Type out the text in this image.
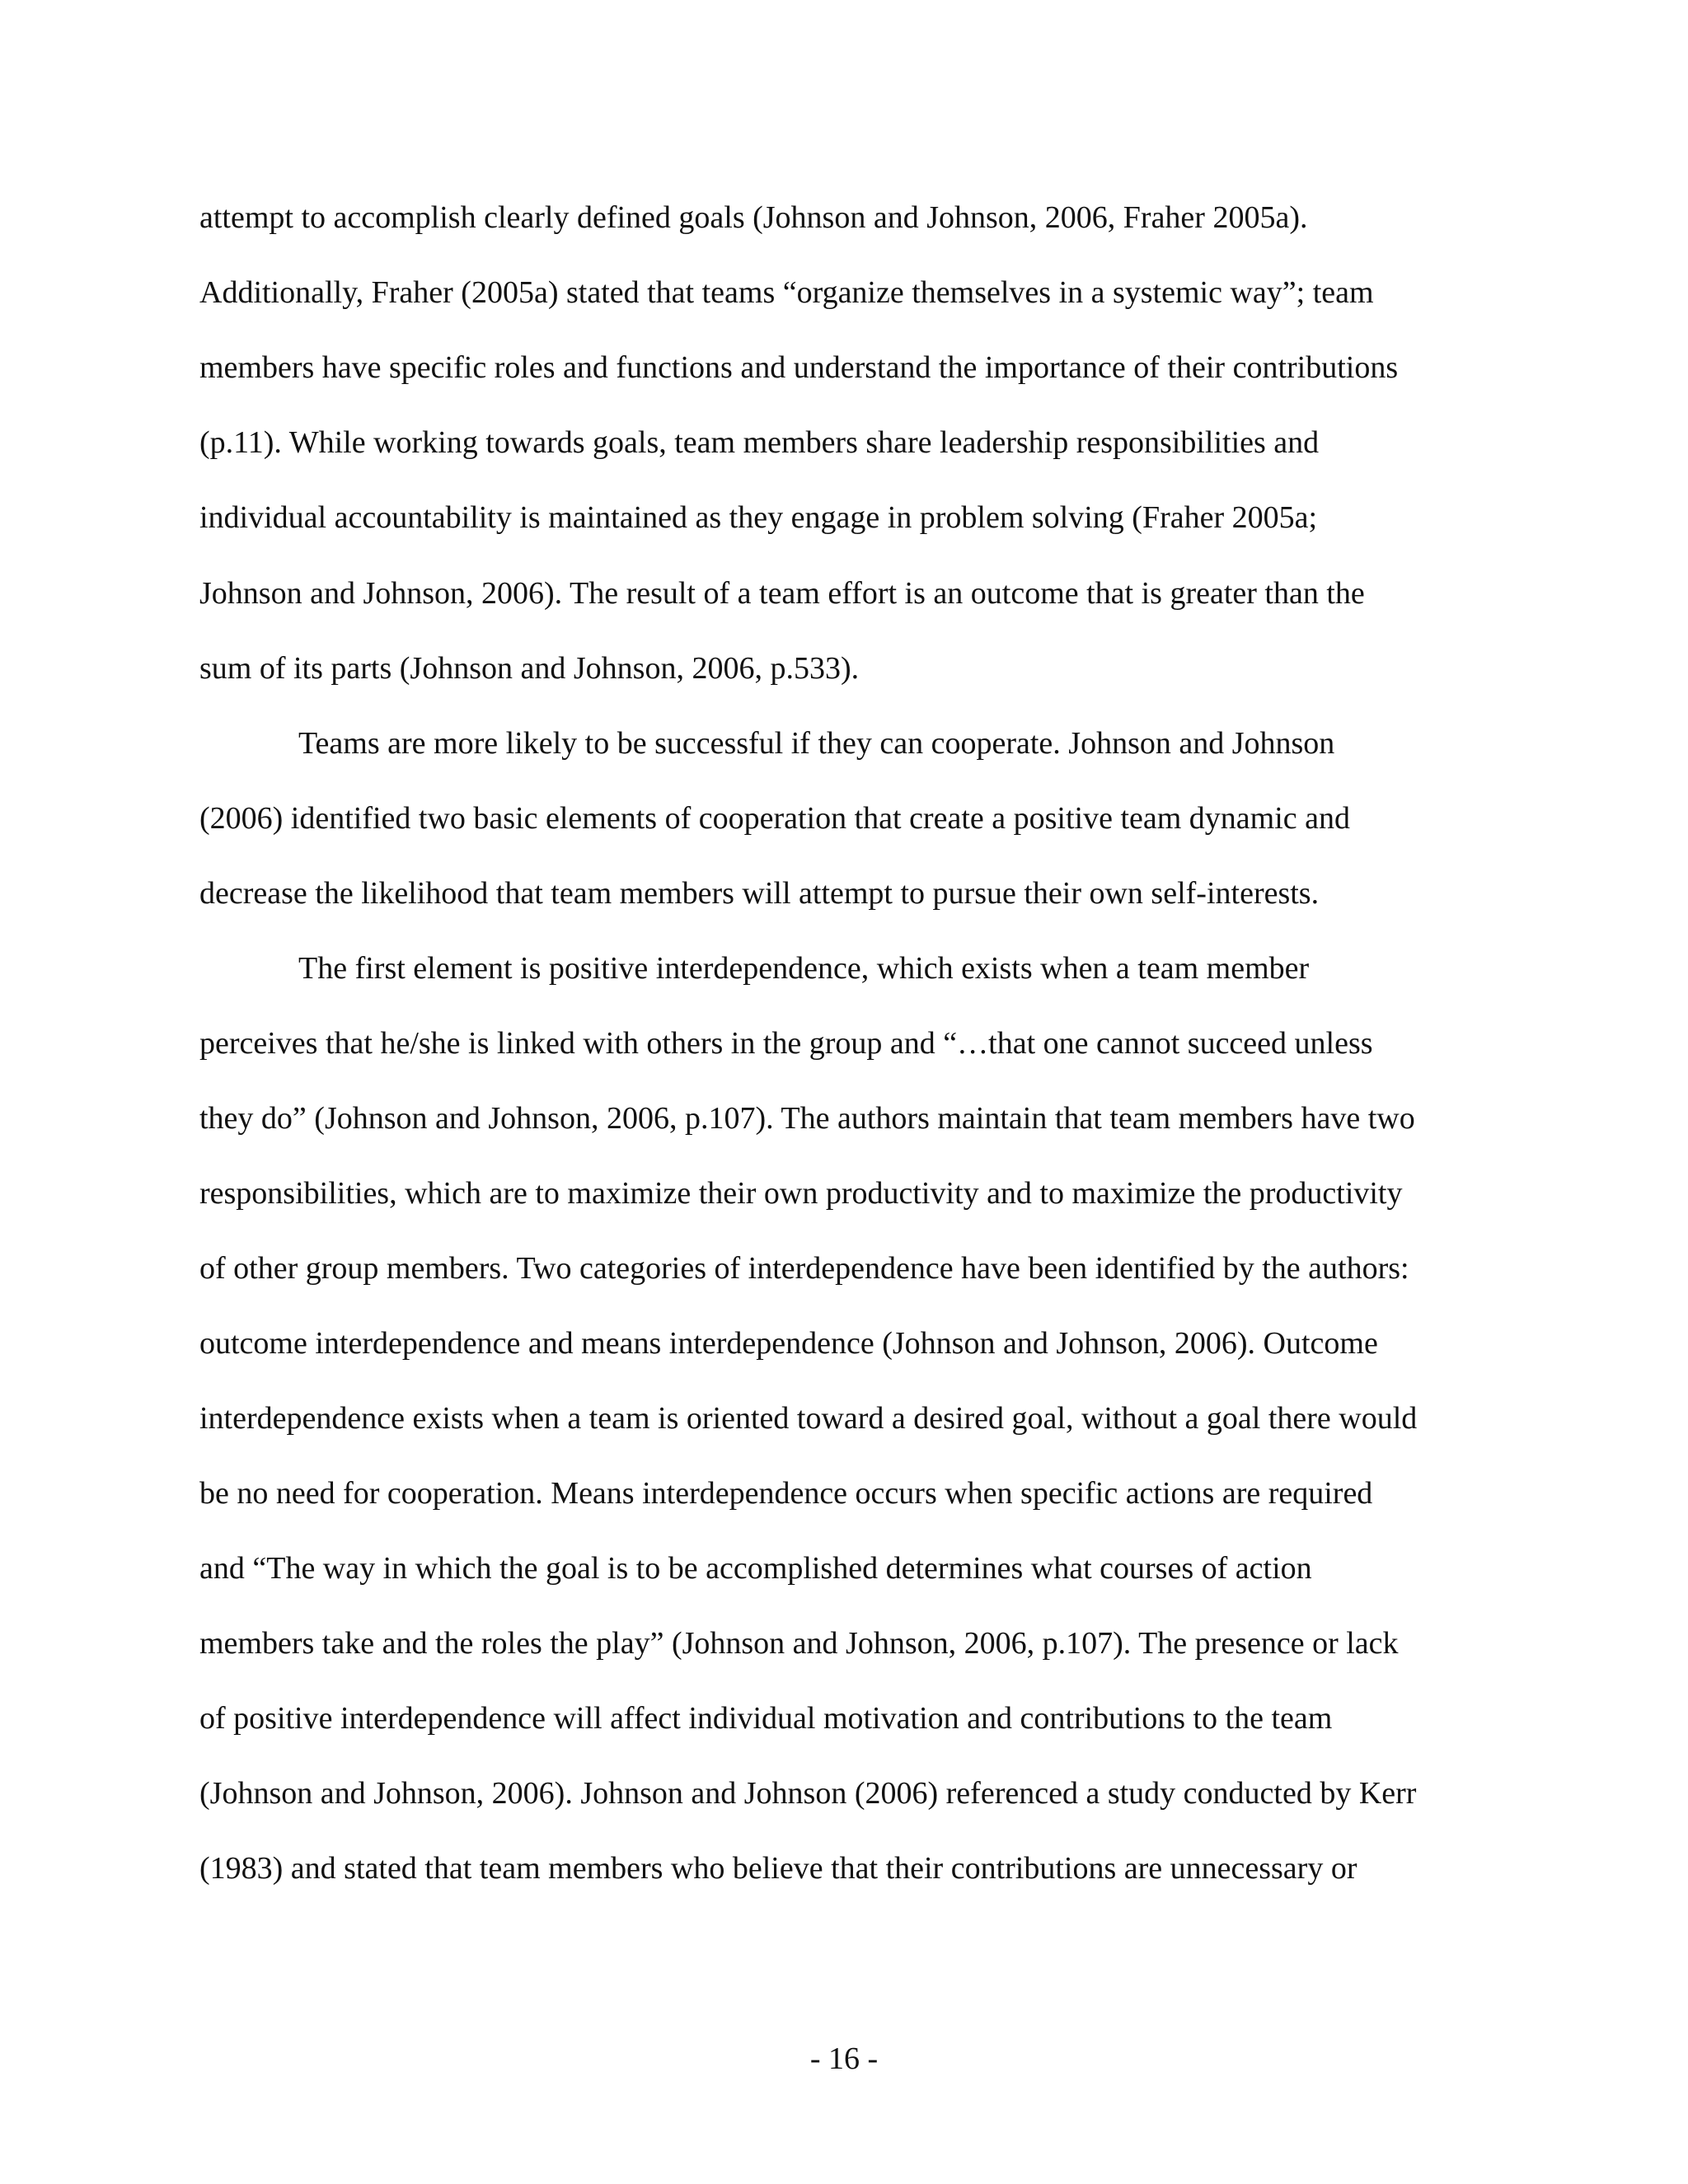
attempt to accomplish clearly defined goals (Johnson and Johnson, 2006, Fraher 2005a).

Additionally, Fraher (2005a) stated that teams “organize themselves in a systemic way”; team

members have specific roles and functions and understand the importance of their contributions

(p.11). While working towards goals, team members share leadership responsibilities and

individual accountability is maintained as they engage in problem solving (Fraher 2005a;

Johnson and Johnson, 2006). The result of a team effort is an outcome that is greater than the

sum of its parts (Johnson and Johnson, 2006, p.533).

Teams are more likely to be successful if they can cooperate. Johnson and Johnson

(2006) identified two basic elements of cooperation that create a positive team dynamic and

decrease the likelihood that team members will attempt to pursue their own self-interests.

The first element is positive interdependence, which exists when a team member

perceives that he/she is linked with others in the group and “…that one cannot succeed unless

they do” (Johnson and Johnson, 2006, p.107). The authors maintain that team members have two

responsibilities, which are to maximize their own productivity and to maximize the productivity

of other group members. Two categories of interdependence have been identified by the authors:

outcome interdependence and means interdependence (Johnson and Johnson, 2006). Outcome

interdependence exists when a team is oriented toward a desired goal, without a goal there would

be no need for cooperation. Means interdependence occurs when specific actions are required

and “The way in which the goal is to be accomplished determines what courses of action

members take and the roles the play” (Johnson and Johnson, 2006, p.107). The presence or lack

of positive interdependence will affect individual motivation and contributions to the team

(Johnson and Johnson, 2006). Johnson and Johnson (2006) referenced a study conducted by Kerr

(1983) and stated that team members who believe that their contributions are unnecessary or

- 16 -
